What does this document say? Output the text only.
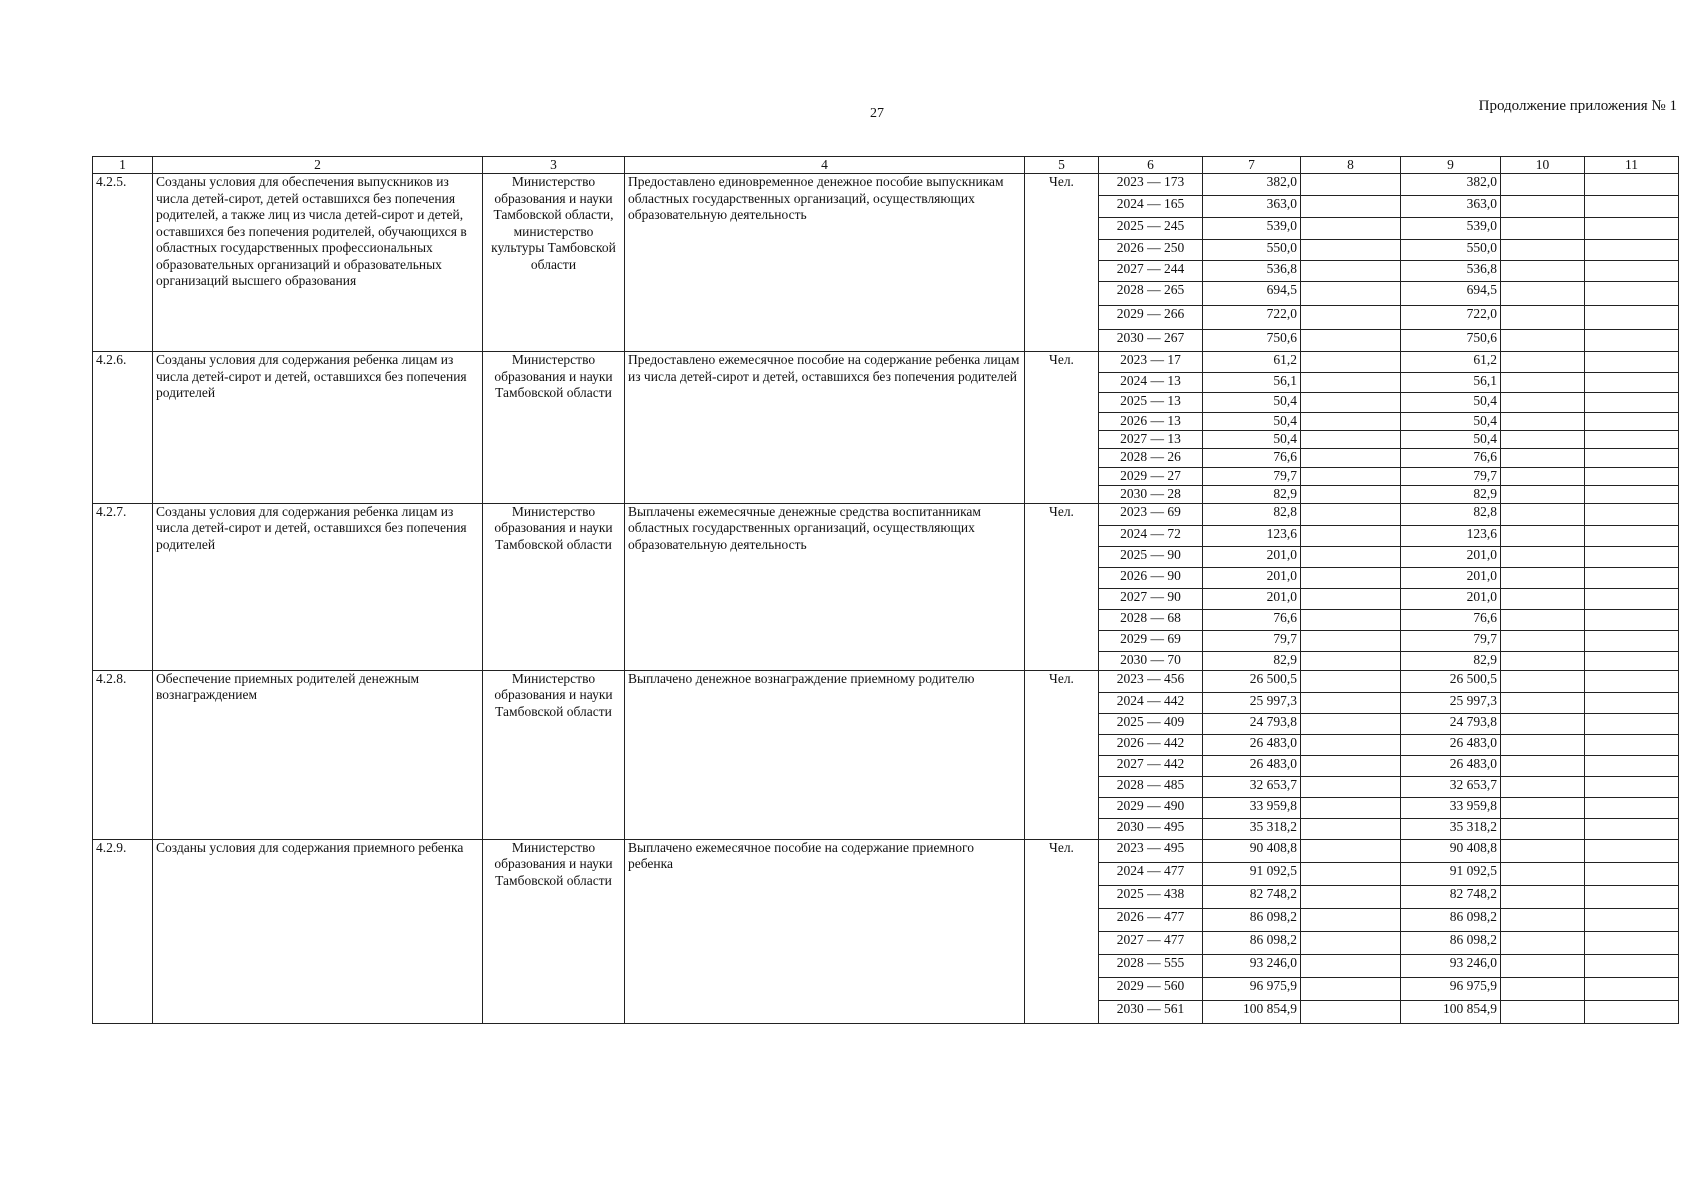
27	Продолжение приложения № 1
1	2	3	4	5	6	7	8	9	10	11
4.2.5.	Созданы условия для обеспечения выпускников из числа детей-сирот, детей оставшихся без попечения родителей, а также лиц из числа детей-сирот и детей, оставшихся без попечения родителей, обучающихся в областных государственных профессиональных образовательных организаций и образовательных организаций высшего образования	Министерство образования и науки Тамбовской области, министерство культуры Тамбовской области	Предоставлено единовременное денежное пособие выпускникам областных государственных организаций, осуществляющих образовательную деятельность	Чел.	2023 — 173	382,0		382,0		
					2024 — 165	363,0		363,0		
					2025 — 245	539,0		539,0		
					2026 — 250	550,0		550,0		
					2027 — 244	536,8		536,8		
					2028 — 265	694,5		694,5		
					2029 — 266	722,0		722,0		
					2030 — 267	750,6		750,6		
4.2.6.	Созданы условия для содержания ребенка лицам из числа детей-сирот и детей, оставшихся без попечения родителей	Министерство образования и науки Тамбовской области	Предоставлено ежемесячное пособие на содержание ребенка лицам из числа детей-сирот и детей, оставшихся без попечения родителей	Чел.	2023 — 17	61,2		61,2		
					2024 — 13	56,1		56,1		
					2025 — 13	50,4		50,4		
					2026 — 13	50,4		50,4		
					2027 — 13	50,4		50,4		
					2028 — 26	76,6		76,6		
					2029 — 27	79,7		79,7		
					2030 — 28	82,9		82,9		
4.2.7.	Созданы условия для содержания ребенка лицам из числа детей-сирот и детей, оставшихся без попечения родителей	Министерство образования и науки Тамбовской области	Выплачены ежемесячные денежные средства воспитанникам областных государственных организаций, осуществляющих образовательную деятельность	Чел.	2023 — 69	82,8		82,8		
					2024 — 72	123,6		123,6		
					2025 — 90	201,0		201,0		
					2026 — 90	201,0		201,0		
					2027 — 90	201,0		201,0		
					2028 — 68	76,6		76,6		
					2029 — 69	79,7		79,7		
					2030 — 70	82,9		82,9		
4.2.8.	Обеспечение приемных родителей денежным вознаграждением	Министерство образования и науки Тамбовской области	Выплачено денежное вознаграждение приемному родителю	Чел.	2023 — 456	26 500,5		26 500,5		
					2024 — 442	25 997,3		25 997,3		
					2025 — 409	24 793,8		24 793,8		
					2026 — 442	26 483,0		26 483,0		
					2027 — 442	26 483,0		26 483,0		
					2028 — 485	32 653,7		32 653,7		
					2029 — 490	33 959,8		33 959,8		
					2030 — 495	35 318,2		35 318,2		
4.2.9.	Созданы условия для содержания приемного ребенка	Министерство образования и науки Тамбовской области	Выплачено ежемесячное пособие на содержание приемного ребенка	Чел.	2023 — 495	90 408,8		90 408,8		
					2024 — 477	91 092,5		91 092,5		
					2025 — 438	82 748,2		82 748,2		
					2026 — 477	86 098,2		86 098,2		
					2027 — 477	86 098,2		86 098,2		
					2028 — 555	93 246,0		93 246,0		
					2029 — 560	96 975,9		96 975,9		
					2030 — 561	100 854,9		100 854,9		
